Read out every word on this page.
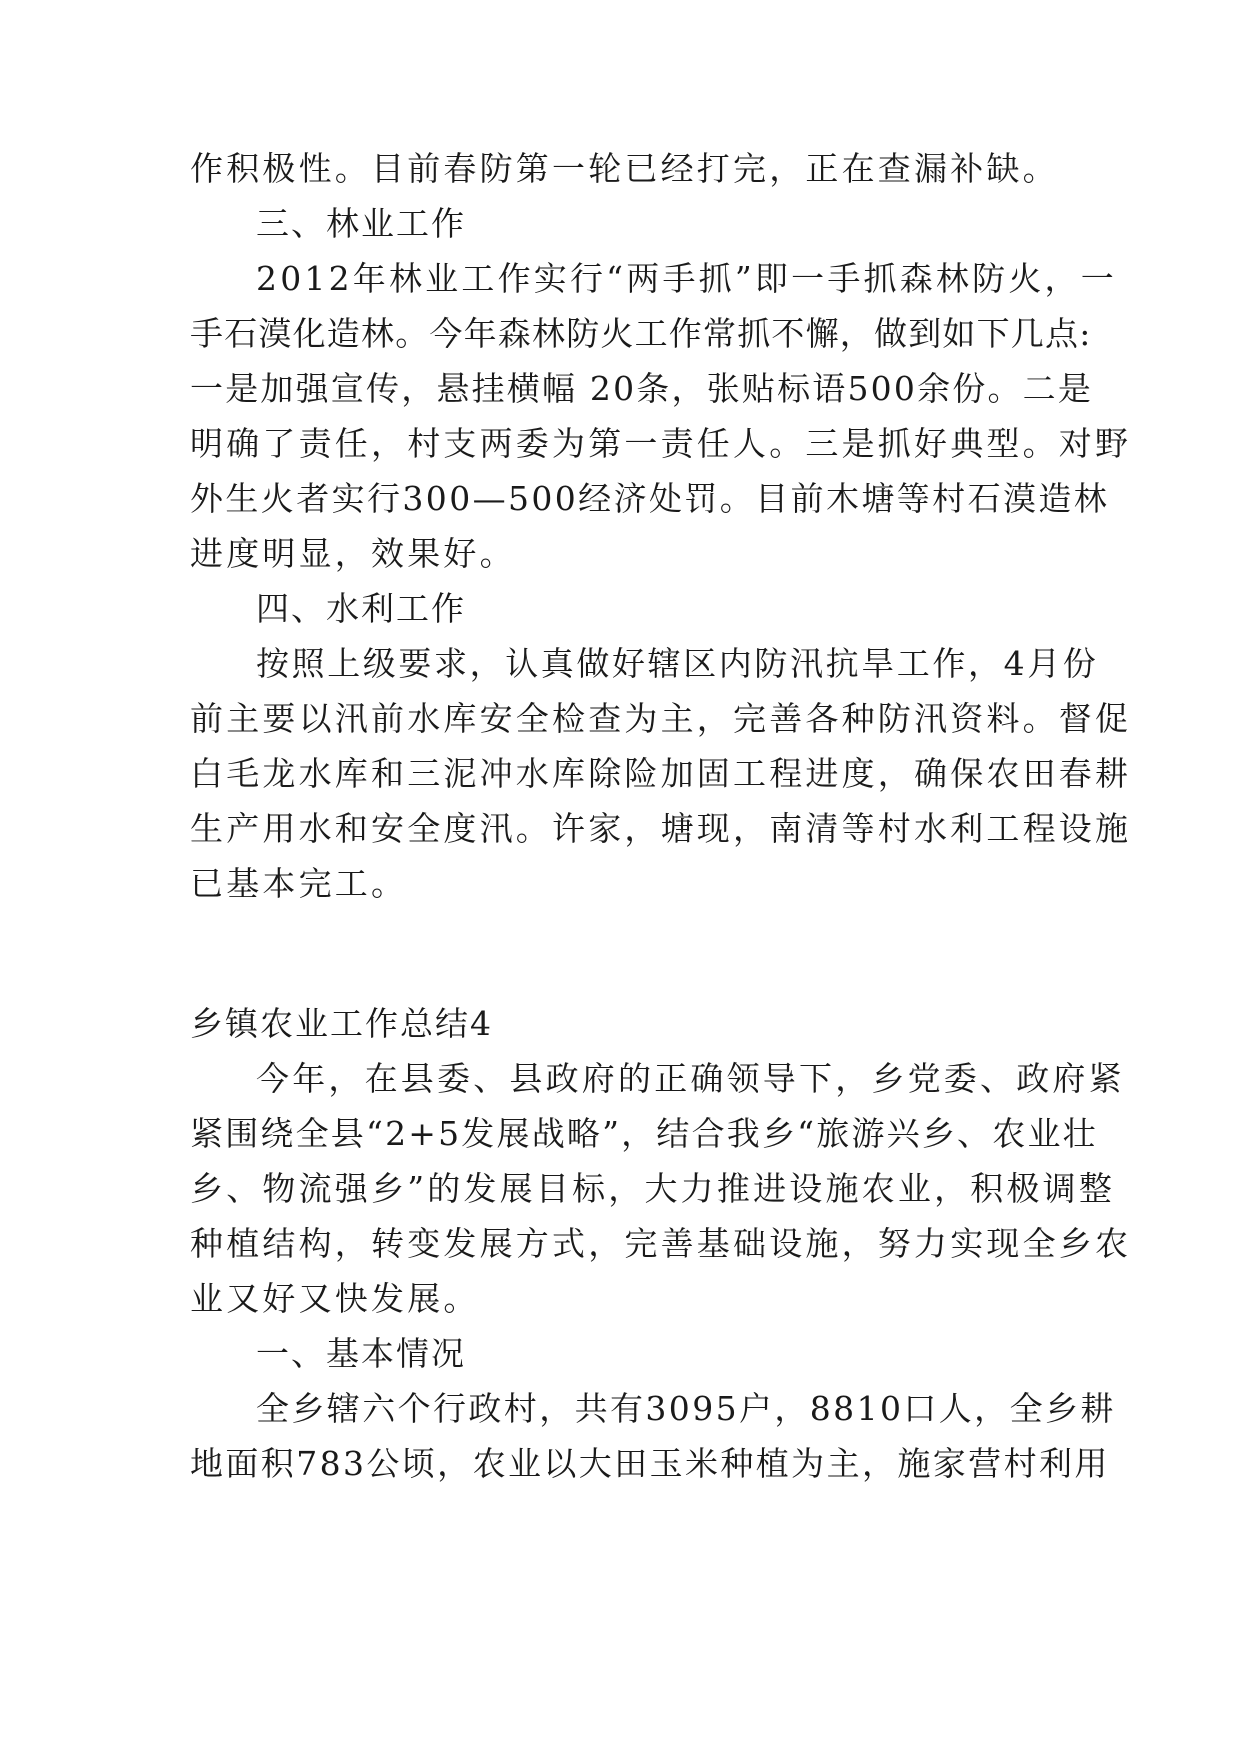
作积极性。目前春防第一轮已经打完，正在查漏补缺。
三、林业工作
2012年林业工作实行“两手抓”即一手抓森林防火，一
手石漠化造林。今年森林防火工作常抓不懈，做到如下几点:
一是加强宣传，悬挂横幅 20条，张贴标语500余份。二是
明确了责任，村支两委为第一责任人。三是抓好典型。对野
外生火者实行300—500经济处罚。目前木塘等村石漠造林
进度明显，效果好。
四、水利工作
按照上级要求，认真做好辖区内防汛抗旱工作，4月份
前主要以汛前水库安全检查为主，完善各种防汛资料。督促
白毛龙水库和三泥冲水库除险加固工程进度，确保农田春耕
生产用水和安全度汛。许家，塘现，南清等村水利工程设施
已基本完工。
乡镇农业工作总结4
今年，在县委、县政府的正确领导下，乡党委、政府紧
紧围绕全县“2+5发展战略”，结合我乡“旅游兴乡、农业壮
乡、物流强乡”的发展目标，大力推进设施农业，积极调整
种植结构，转变发展方式，完善基础设施，努力实现全乡农
业又好又快发展。
一、基本情况
全乡辖六个行政村，共有3095户，8810口人，全乡耕
地面积783公顷，农业以大田玉米种植为主，施家营村利用
